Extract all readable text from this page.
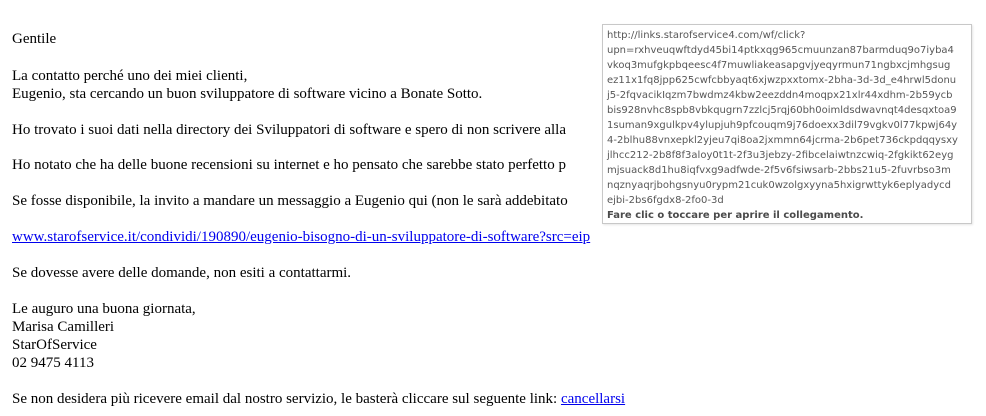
Gentile
La contatto perché uno dei miei clienti,
Eugenio, sta cercando un buon sviluppatore di software vicino a Bonate Sotto.
Ho trovato i suoi dati nella directory dei Sviluppatori di software e spero di non scrivere alla
Ho notato che ha delle buone recensioni su internet e ho pensato che sarebbe stato perfetto p
Se fosse disponibile, la invito a mandare un messaggio a Eugenio qui (non le sarà addebitato
www.starofservice.it/condividi/190890/eugenio-bisogno-di-un-sviluppatore-di-software?src=eip
Se dovesse avere delle domande, non esiti a contattarmi.
Le auguro una buona giornata,
Marisa Camilleri
StarOfService
02 9475 4113
Se non desidera più ricevere email dal nostro servizio, le basterà cliccare sul seguente link: cancellarsi
http://links.starofservice4.com/wf/click?
upn=rxhveuqwftdyd45bi14ptkxqg965cmuunzan87barmduq9o7iyba4
vkoq3mufgkpbqeesc4f7muwliakeasapgvjyeqyrmun71ngbxcjmhgsug
ez11x1fq8jpp625cwfcbbyaqt6xjwzpxxtomx-2bha-3d-3d_e4hrwl5donu
j5-2fqvacikIqzm7bwdmz4kbw2eezddn4moqpx21xlr44xdhm-2b59ycb
bis928nvhc8spb8vbkqugrn7zzlcj5rqj60bh0oimldsdwavnqt4desqxtoa9
1suman9xgulkpv4ylupjuh9pfcouqm9j76doexx3dil79vgkv0l77kpwj64y
4-2blhu88vnxepkl2yjeu7qi8oa2jxmmn64jcrma-2b6pet736ckpdqqysxy
jlhcc212-2b8f8f3aloy0t1t-2f3u3jebzy-2fibcelaiwtnzcwiq-2fgkikt62eyg
mjsuack8d1hu8iqfvxg9adfwde-2f5v6fsiwsarb-2bbs21u5-2fuvrbso3m
nqznyaqrjbohgsnyu0rypm21cuk0wzolgxyyna5hxigrwttyk6eplyadycd
ejbi-2bs6fgdx8-2fo0-3d
Fare clic o toccare per aprire il collegamento.
